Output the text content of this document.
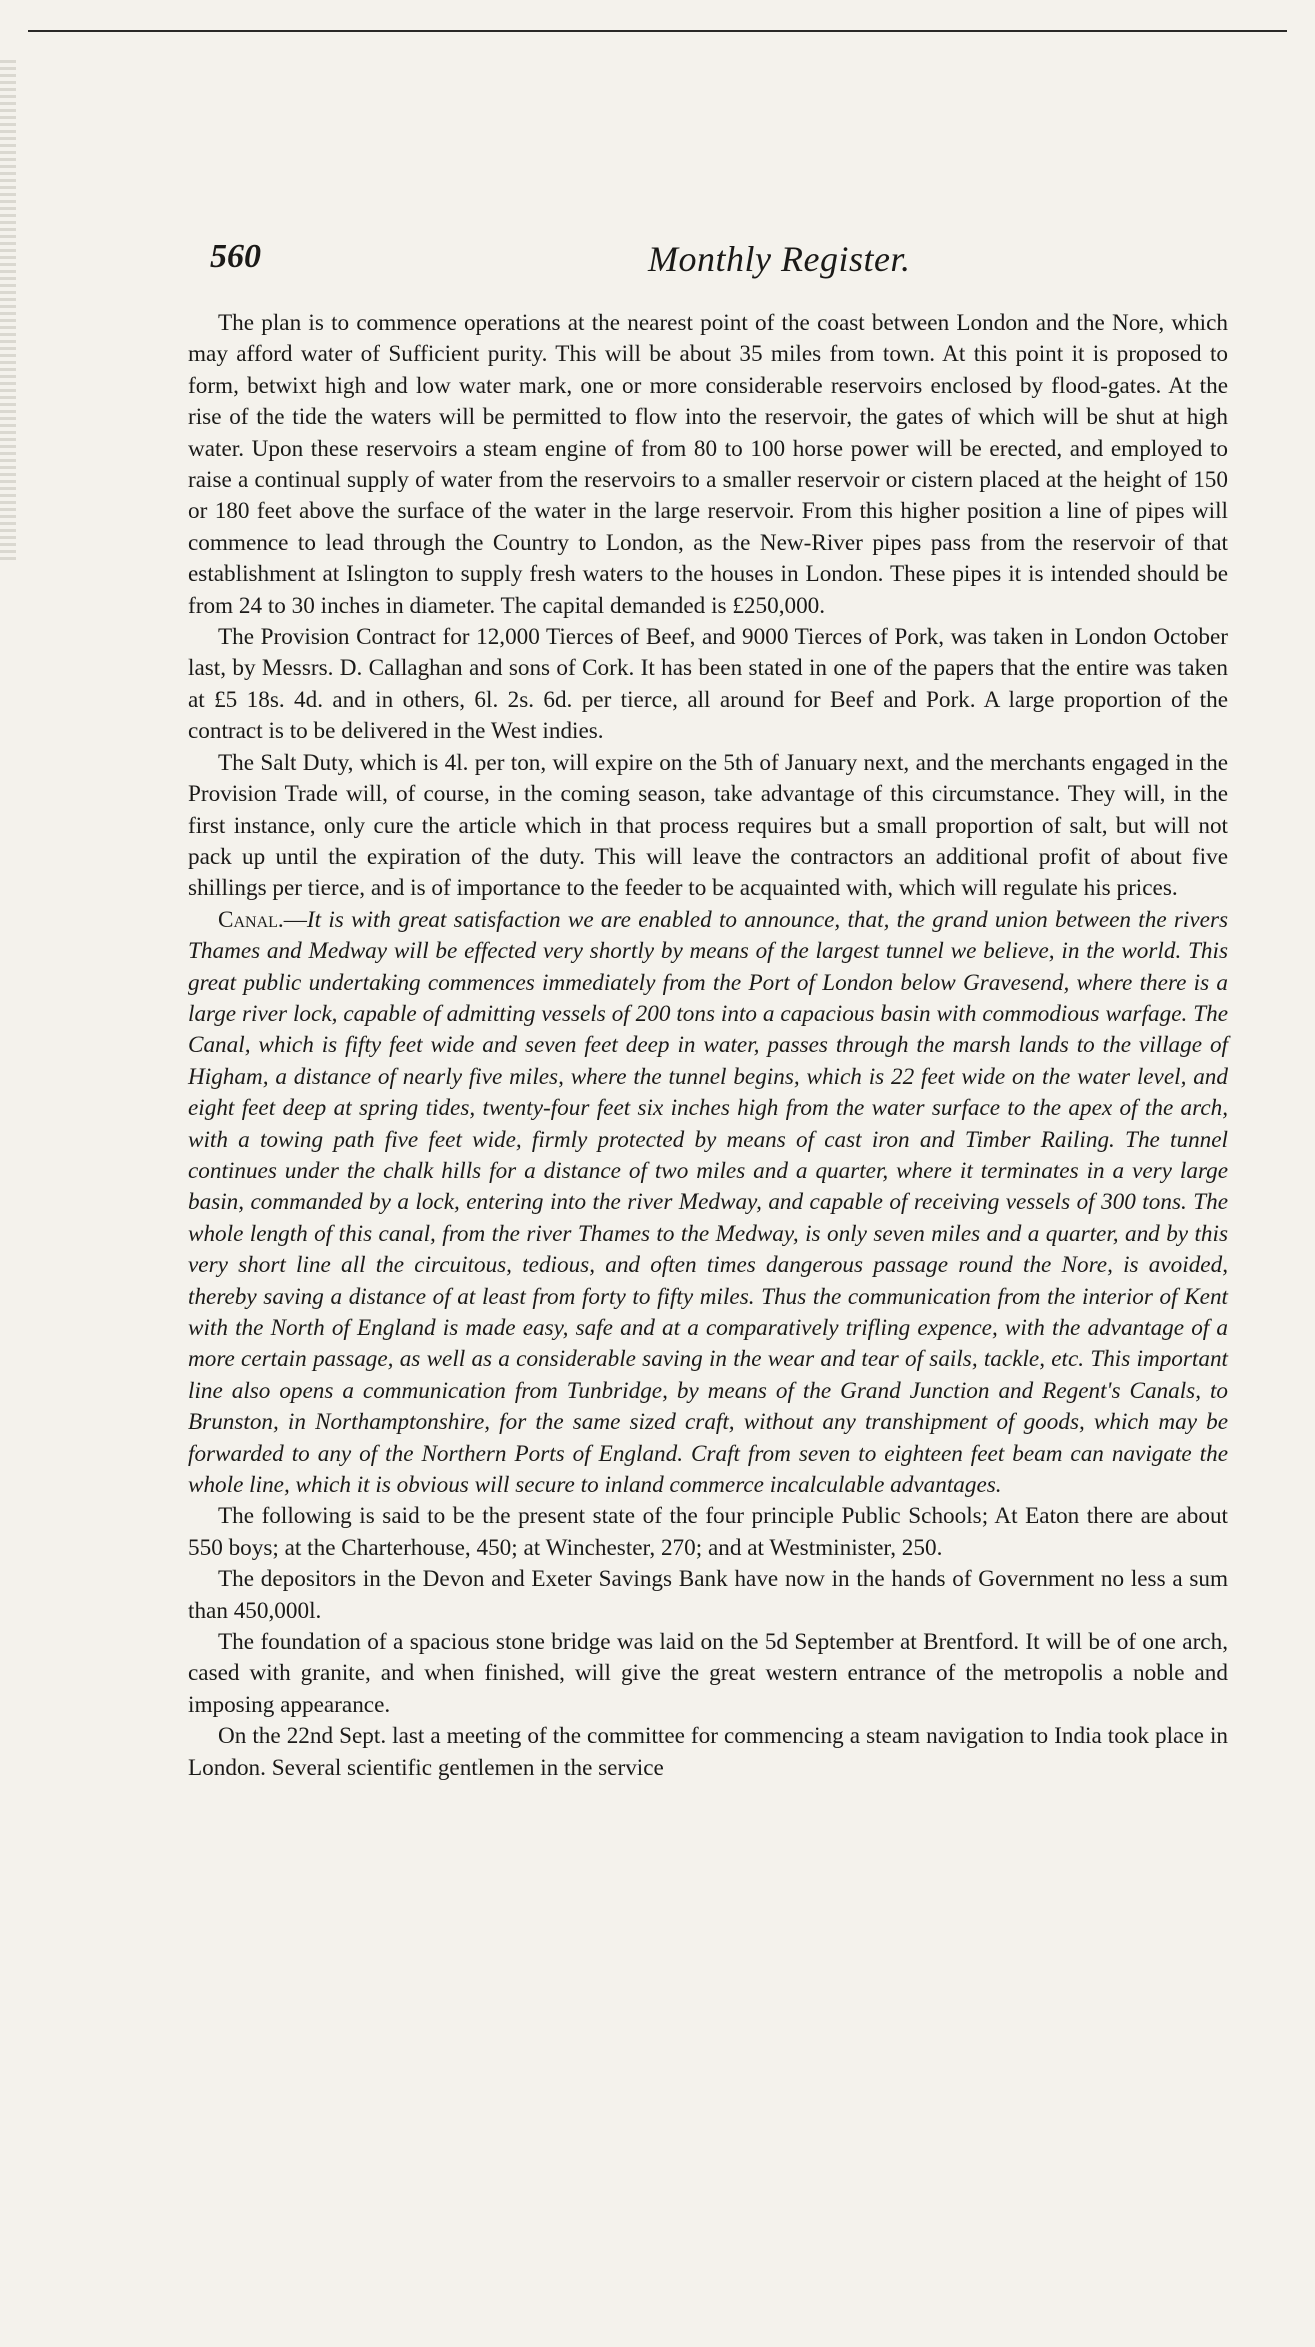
560	Monthly Register.

The plan is to commence operations at the nearest point of the coast between London and the Nore, which may afford water of Sufficient purity. This will be about 35 miles from town. At this point it is proposed to form, betwixt high and low water mark, one or more considerable reservoirs enclosed by flood-gates. At the rise of the tide the waters will be permitted to flow into the reservoir, the gates of which will be shut at high water. Upon these reservoirs a steam engine of from 80 to 100 horse power will be erected, and employed to raise a continual supply of water from the reservoirs to a smaller reservoir or cistern placed at the height of 150 or 180 feet above the surface of the water in the large reservoir. From this higher position a line of pipes will commence to lead through the Country to London, as the New-River pipes pass from the reservoir of that establishment at Islington to supply fresh waters to the houses in London. These pipes it is intended should be from 24 to 30 inches in diameter. The capital demanded is £250,000.

The Provision Contract for 12,000 Tierces of Beef, and 9000 Tierces of Pork, was taken in London October last, by Messrs. D. Callaghan and sons of Cork. It has been stated in one of the papers that the entire was taken at £5 18s. 4d. and in others, 6l. 2s. 6d. per tierce, all around for Beef and Pork. A large proportion of the contract is to be delivered in the West indies.

The Salt Duty, which is 4l. per ton, will expire on the 5th of January next, and the merchants engaged in the Provision Trade will, of course, in the coming season, take advantage of this circumstance. They will, in the first instance, only cure the article which in that process requires but a small proportion of salt, but will not pack up until the expiration of the duty. This will leave the contractors an additional profit of about five shillings per tierce, and is of importance to the feeder to be acquainted with, which will regulate his prices.

Canal.—It is with great satisfaction we are enabled to announce, that, the grand union between the rivers Thames and Medway will be effected very shortly by means of the largest tunnel we believe, in the world. This great public undertaking commences immediately from the Port of London below Gravesend, where there is a large river lock, capable of admitting vessels of 200 tons into a capacious basin with commodious warfage. The Canal, which is fifty feet wide and seven feet deep in water, passes through the marsh lands to the village of Higham, a distance of nearly five miles, where the tunnel begins, which is 22 feet wide on the water level, and eight feet deep at spring tides, twenty-four feet six inches high from the water surface to the apex of the arch, with a towing path five feet wide, firmly protected by means of cast iron and Timber Railing. The tunnel continues under the chalk hills for a distance of two miles and a quarter, where it terminates in a very large basin, commanded by a lock, entering into the river Medway, and capable of receiving vessels of 300 tons. The whole length of this canal, from the river Thames to the Medway, is only seven miles and a quarter, and by this very short line all the circuitous, tedious, and often times dangerous passage round the Nore, is avoided, thereby saving a distance of at least from forty to fifty miles. Thus the communication from the interior of Kent with the North of England is made easy, safe and at a comparatively trifling expence, with the advantage of a more certain passage, as well as a considerable saving in the wear and tear of sails, tackle, etc. This important line also opens a communication from Tunbridge, by means of the Grand Junction and Regent's Canals, to Brunston, in Northamptonshire, for the same sized craft, without any transhipment of goods, which may be forwarded to any of the Northern Ports of England. Craft from seven to eighteen feet beam can navigate the whole line, which it is obvious will secure to inland commerce incalculable advantages.

The following is said to be the present state of the four principle Public Schools; At Eaton there are about 550 boys; at the Charterhouse, 450; at Winchester, 270; and at Westminister, 250.

The depositors in the Devon and Exeter Savings Bank have now in the hands of Government no less a sum than 450,000l.

The foundation of a spacious stone bridge was laid on the 5d September at Brentford. It will be of one arch, cased with granite, and when finished, will give the great western entrance of the metropolis a noble and imposing appearance.

On the 22nd Sept. last a meeting of the committee for commencing a steam navigation to India took place in London. Several scientific gentlemen in the service
